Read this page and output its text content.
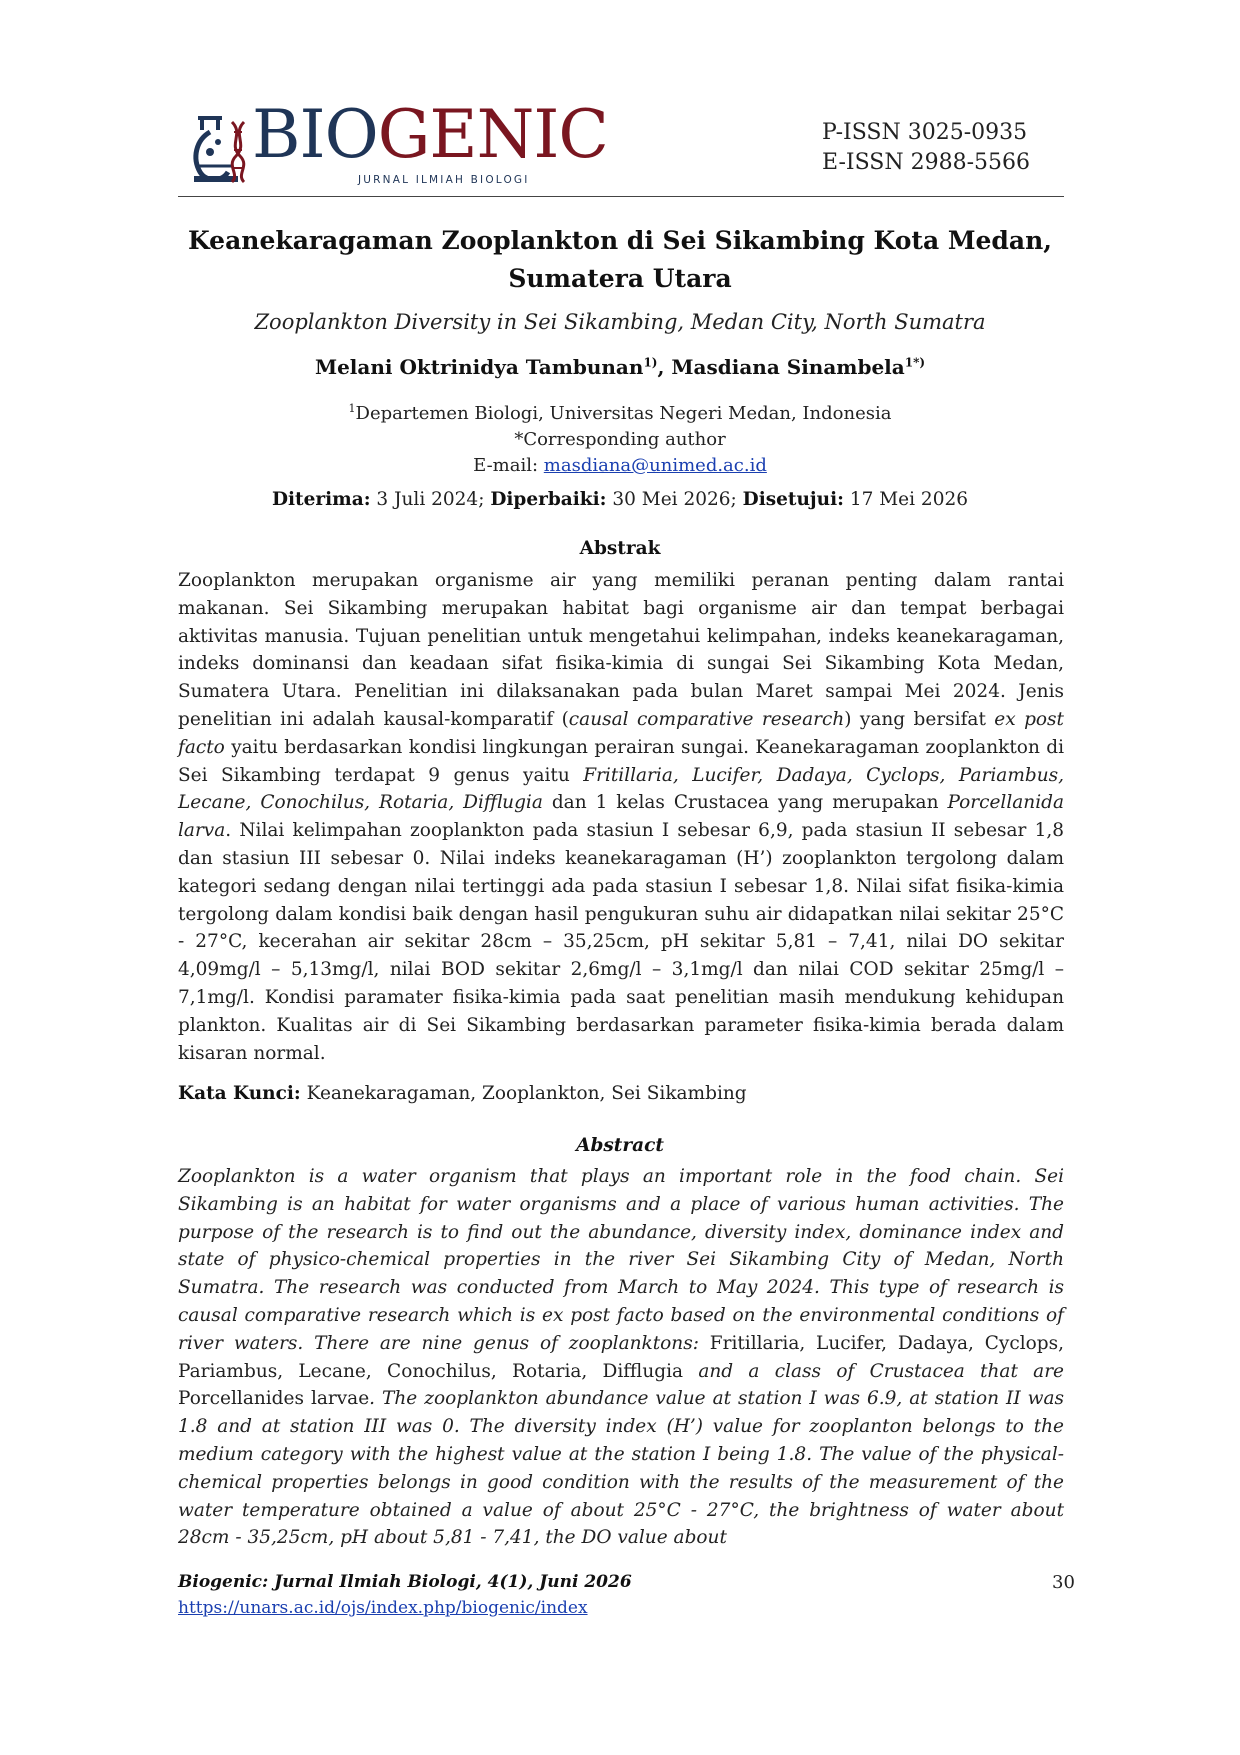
BIOGENIC
JURNAL ILMIAH BIOLOGI
P-ISSN 3025-0935
E-ISSN 2988-5566
Keanekaragaman Zooplankton di Sei Sikambing Kota Medan, Sumatera Utara
Zooplankton Diversity in Sei Sikambing, Medan City, North Sumatra
Melani Oktrinidya Tambunan$^{1)}$, Masdiana Sinambela$^{1*)}$
$^1$Departemen Biologi, Universitas Negeri Medan, Indonesia
*Corresponding author
E-mail: masdiana@unimed.ac.id
Diterima: 3 Juli 2024; Diperbaiki: 30 Mei 2026; Disetujui: 17 Mei 2026
Abstrak
Zooplankton merupakan organisme air yang memiliki peranan penting dalam rantai makanan. Sei Sikambing merupakan habitat bagi organisme air dan tempat berbagai aktivitas manusia. Tujuan penelitian untuk mengetahui kelimpahan, indeks keanekaragaman, indeks dominansi dan keadaan sifat fisika-kimia di sungai Sei Sikambing Kota Medan, Sumatera Utara. Penelitian ini dilaksanakan pada bulan Maret sampai Mei 2024. Jenis penelitian ini adalah kausal-komparatif (causal comparative research) yang bersifat ex post facto yaitu berdasarkan kondisi lingkungan perairan sungai. Keanekaragaman zooplankton di Sei Sikambing terdapat 9 genus yaitu Fritillaria, Lucifer, Dadaya, Cyclops, Pariambus, Lecane, Conochilus, Rotaria, Difflugia dan 1 kelas Crustacea yang merupakan Porcellanida larva. Nilai kelimpahan zooplankton pada stasiun I sebesar 6,9, pada stasiun II sebesar 1,8 dan stasiun III sebesar 0. Nilai indeks keanekaragaman (H’) zooplankton tergolong dalam kategori sedang dengan nilai tertinggi ada pada stasiun I sebesar 1,8. Nilai sifat fisika-kimia tergolong dalam kondisi baik dengan hasil pengukuran suhu air didapatkan nilai sekitar 25°C - 27°C, kecerahan air sekitar 28cm – 35,25cm, pH sekitar 5,81 – 7,41, nilai DO sekitar 4,09mg/l – 5,13mg/l, nilai BOD sekitar 2,6mg/l – 3,1mg/l dan nilai COD sekitar 25mg/l – 7,1mg/l. Kondisi paramater fisika-kimia pada saat penelitian masih mendukung kehidupan plankton. Kualitas air di Sei Sikambing berdasarkan parameter fisika-kimia berada dalam kisaran normal.
Kata Kunci: Keanekaragaman, Zooplankton, Sei Sikambing
Abstract
Zooplankton is a water organism that plays an important role in the food chain. Sei Sikambing is an habitat for water organisms and a place of various human activities. The purpose of the research is to find out the abundance, diversity index, dominance index and state of physico-chemical properties in the river Sei Sikambing City of Medan, North Sumatra. The research was conducted from March to May 2024. This type of research is causal comparative research which is ex post facto based on the environmental conditions of river waters. There are nine genus of zooplanktons: Fritillaria, Lucifer, Dadaya, Cyclops, Pariambus, Lecane, Conochilus, Rotaria, Difflugia and a class of Crustacea that are Porcellanides larvae. The zooplankton abundance value at station I was 6.9, at station II was 1.8 and at station III was 0. The diversity index (H’) value for zooplanton belongs to the medium category with the highest value at the station I being 1.8. The value of the physical-chemical properties belongs in good condition with the results of the measurement of the water temperature obtained a value of about 25°C - 27°C, the brightness of water about 28cm - 35,25cm, pH about 5,81 - 7,41, the DO value about
Biogenic: Jurnal Ilmiah Biologi, 4(1), Juni 2026
https://unars.ac.id/ojs/index.php/biogenic/index
30
